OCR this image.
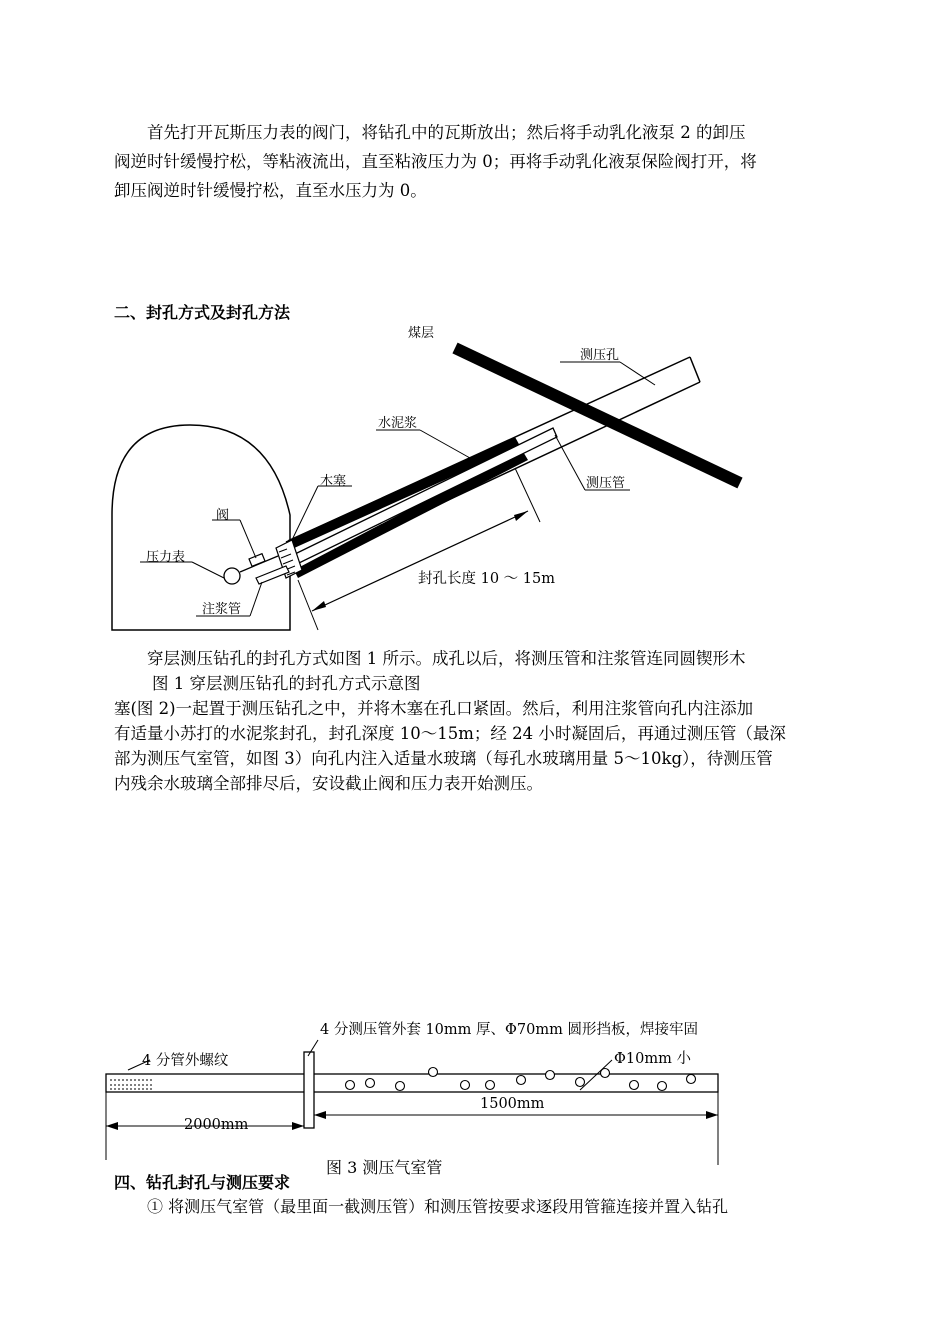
首先打开瓦斯压力表的阀门，将钻孔中的瓦斯放出；然后将手动乳化液泵 2 的卸压
阀逆时针缓慢拧松，等粘液流出，直至粘液压力为 0；再将手动乳化液泵保险阀打开，将
卸压阀逆时针缓慢拧松，直至水压力为 0。
二、封孔方式及封孔方法
煤层
测压孔
水泥浆
木塞	测压管
阀
压力表
注浆管
封孔长度 10 ～ 15m
穿层测压钻孔的封孔方式如图 1 所示。成孔以后，将测压管和注浆管连同圆锲形木
图 1 穿层测压钻孔的封孔方式示意图
塞(图 2)一起置于测压钻孔之中，并将木塞在孔口紧固。然后，利用注浆管向孔内注添加
有适量小苏打的水泥浆封孔，封孔深度 10～15m；经 24 小时凝固后，再通过测压管（最深
部为测压气室管，如图 3）向孔内注入适量水玻璃（每孔水玻璃用量 5～10kg），待测压管
内残余水玻璃全部排尽后，安设截止阀和压力表开始测压。
4 分测压管外套 10mm 厚、Φ70mm 圆形挡板，焊接牢固
4 分管外螺纹	Φ10mm 小
1500mm
2000mm
图 3 测压气室管
四、钻孔封孔与测压要求
① 将测压气室管（最里面一截测压管）和测压管按要求逐段用管箍连接并置入钻孔
